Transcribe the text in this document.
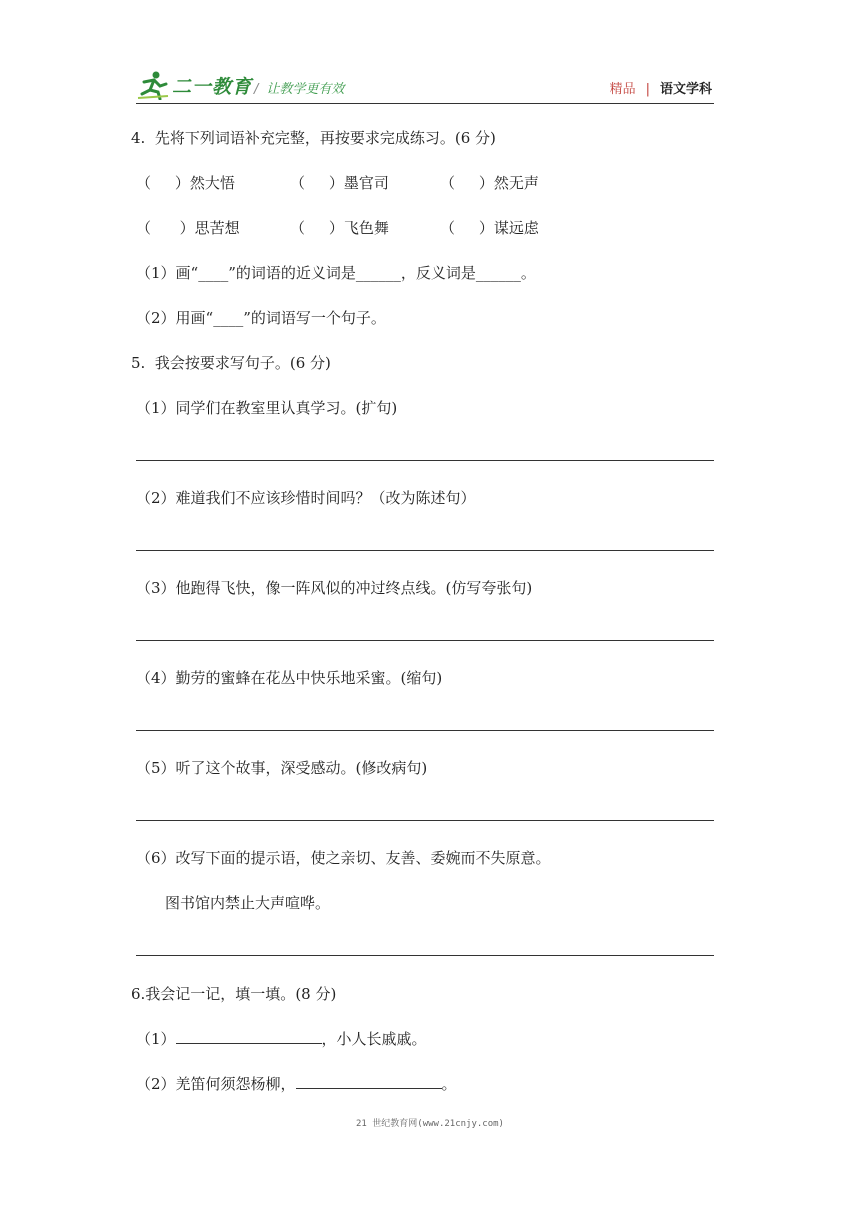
二一教育 / 让教学更有效	精品 | 语文学科
4.  先将下列词语补充完整，再按要求完成练习。(6 分)
（     ）然大悟	（     ）墨官司	（     ）然无声
（      ）思苦想	（     ）飞色舞	（     ）谋远虑
（1）画“____”的词语的近义词是______，反义词是______。
（2）用画“____”的词语写一个句子。
5.  我会按要求写句子。(6 分)
（1）同学们在教室里认真学习。(扩句)
（2）难道我们不应该珍惜时间吗？（改为陈述句）
（3）他跑得飞快，像一阵风似的冲过终点线。(仿写夸张句)
（4）勤劳的蜜蜂在花丛中快乐地采蜜。(缩句)
（5）听了这个故事，深受感动。(修改病句)
（6）改写下面的提示语，使之亲切、友善、委婉而不失原意。
图书馆内禁止大声喧哗。
6.我会记一记，填一填。(8 分)
（1）	，小人长戚戚。
（2）羌笛何须怨杨柳，	。
21 世纪教育网(www.21cnjy.com)
